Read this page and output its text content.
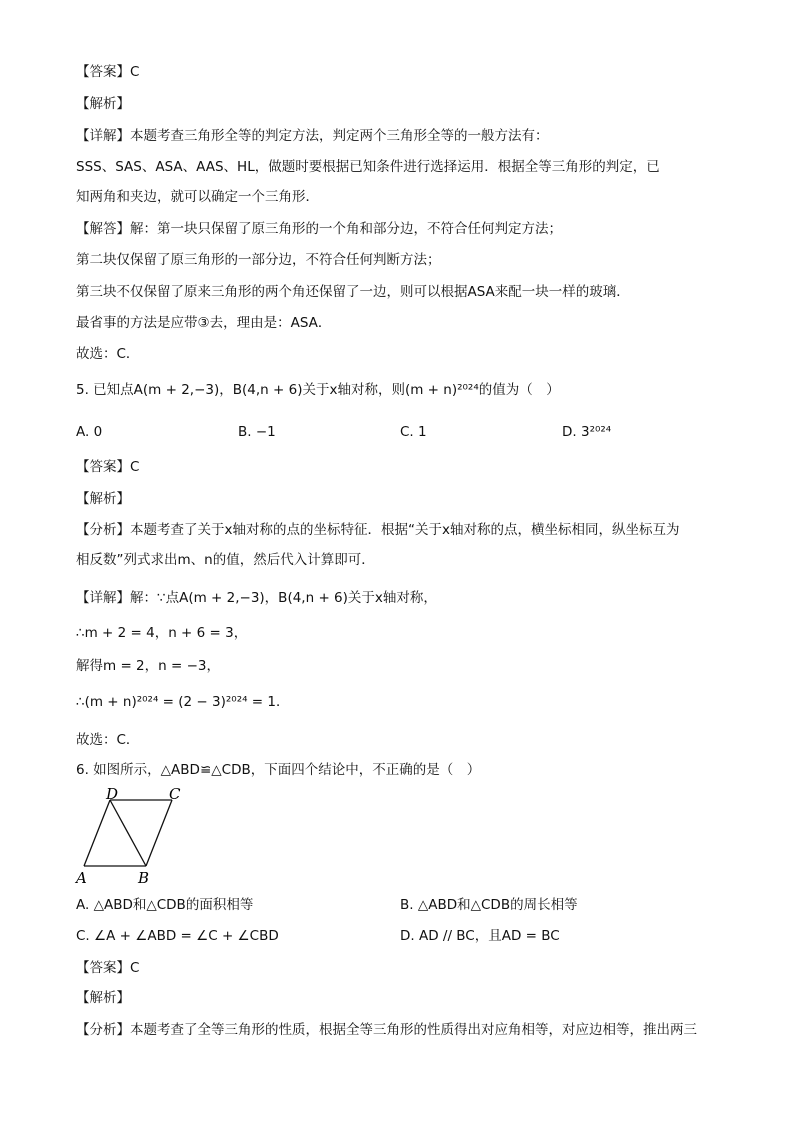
【答案】C
【解析】
【详解】本题考查三角形全等的判定方法，判定两个三角形全等的一般方法有：
SSS、SAS、ASA、AAS、HL，做题时要根据已知条件进行选择运用．根据全等三角形的判定，已
知两角和夹边，就可以确定一个三角形．
【解答】解：第一块只保留了原三角形的一个角和部分边，不符合任何判定方法；
第二块仅保留了原三角形的一部分边，不符合任何判断方法；
第三块不仅保留了原来三角形的两个角还保留了一边，则可以根据ASA来配一块一样的玻璃．
最省事的方法是应带③去，理由是：ASA．
故选：C．
5. 已知点A(m + 2,−3)，B(4,n + 6)关于x轴对称，则(m + n)²⁰²⁴的值为（　）
A. 0	B. −1	C. 1	D. 3²⁰²⁴
【答案】C
【解析】
【分析】本题考查了关于x轴对称的点的坐标特征．根据“关于x轴对称的点，横坐标相同，纵坐标互为
相反数”列式求出m、n的值，然后代入计算即可．
【详解】解：∵点A(m + 2,−3)，B(4,n + 6)关于x轴对称，
∴m + 2 = 4，n + 6 = 3，
解得m = 2，n = −3，
∴(m + n)²⁰²⁴ = (2 − 3)²⁰²⁴ = 1．
故选：C．
6. 如图所示，△ABD≌△CDB，下面四个结论中，不正确的是（　）
D	C
A	B
A. △ABD和△CDB的面积相等	B. △ABD和△CDB的周长相等
C. ∠A + ∠ABD = ∠C + ∠CBD	D. AD // BC，且AD = BC
【答案】C
【解析】
【分析】本题考查了全等三角形的性质，根据全等三角形的性质得出对应角相等，对应边相等，推出两三
